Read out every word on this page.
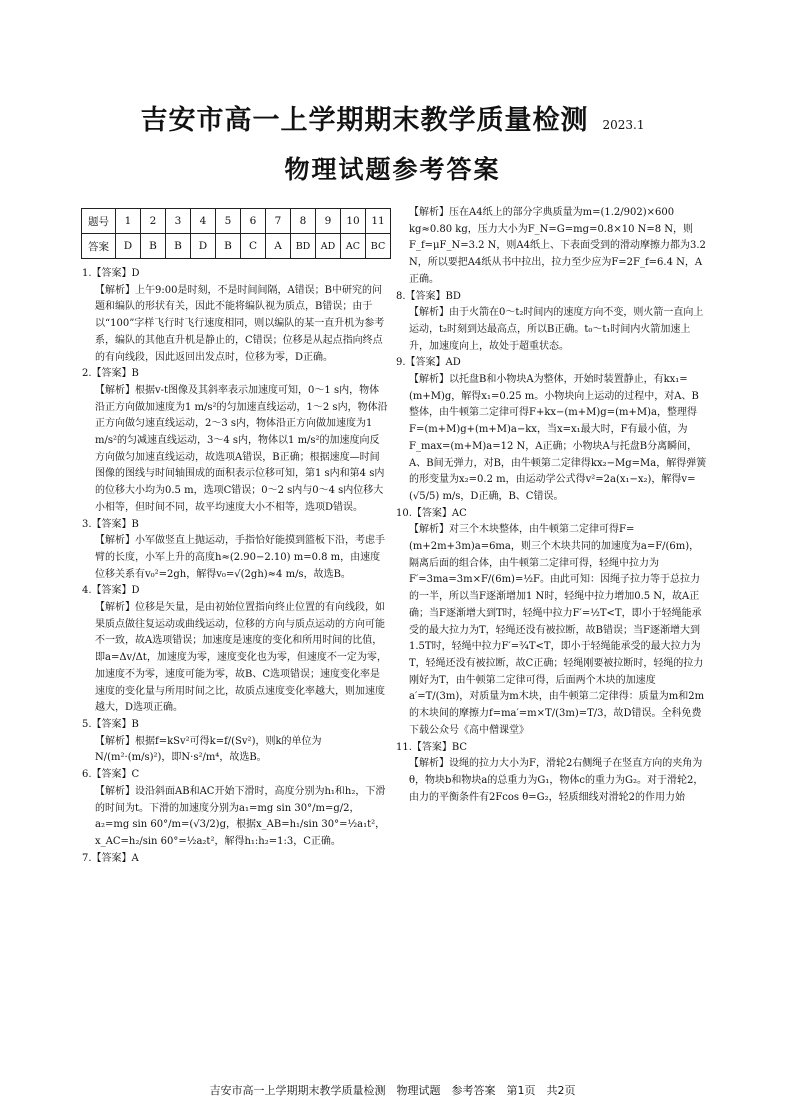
吉安市高一上学期期末教学质量检测 2023.1
物理试题参考答案
题号	1	2	3	4	5	6	7	8	9	10	11
答案	D	B	B	D	B	C	A	BD	AD	AC	BC

1.【答案】D

【解析】上午9:00是时刻，不是时间间隔，A错误；B中研究的问题和编队的形状有关，因此不能将编队视为质点，B错误；由于以“100”字样飞行时飞行速度相同，则以编队的某一直升机为参考系，编队的其他直升机是静止的，C错误；位移是从起点指向终点的有向线段，因此返回出发点时，位移为零，D正确。

2.【答案】B

【解析】根据v-t图像及其斜率表示加速度可知，0～1 s内，物体沿正方向做加速度为1 m/s²的匀加速直线运动，1～2 s内，物体沿正方向做匀速直线运动，2～3 s内，物体沿正方向做加速度为1 m/s²的匀减速直线运动，3～4 s内，物体以1 m/s²的加速度向反方向做匀加速直线运动，故选项A错误，B正确；根据速度—时间图像的图线与时间轴围成的面积表示位移可知，第1 s内和第4 s内的位移大小均为0.5 m，选项C错误；0～2 s内与0～4 s内位移大小相等，但时间不同，故平均速度大小不相等，选项D错误。

3.【答案】B

【解析】小军做竖直上抛运动，手指恰好能摸到篮板下沿，考虑手臂的长度，小军上升的高度h≈(2.90−2.10) m=0.8 m，由速度位移关系有v₀²=2gh，解得v₀=√(2gh)≈4 m/s，故选B。

4.【答案】D

【解析】位移是矢量，是由初始位置指向终止位置的有向线段，如果质点做往复运动或曲线运动，位移的方向与质点运动的方向可能不一致，故A选项错误；加速度是速度的变化和所用时间的比值，即a=Δv/Δt，加速度为零，速度变化也为零，但速度不一定为零，加速度不为零，速度可能为零，故B、C选项错误；速度变化率是速度的变化量与所用时间之比，故质点速度变化率越大，则加速度越大，D选项正确。

5.【答案】B

【解析】根据f=kSv²可得k=f/(Sv²)，则k的单位为N/(m²·(m/s)²)，即N·s²/m⁴，故选B。

6.【答案】C

【解析】设沿斜面AB和AC开始下滑时，高度分别为h₁和h₂，下滑的时间为t。下滑的加速度分别为a₁=mg sin 30°/m=g/2，a₂=mg sin 60°/m=(√3/2)g，根据x_AB=h₁/sin 30°=½a₁t²，x_AC=h₂/sin 60°=½a₂t²，解得h₁:h₂=1:3，C正确。

7.【答案】A

【解析】压在A4纸上的部分字典质量为m=(1.2/902)×600 kg≈0.80 kg，压力大小为F_N=G=mg=0.8×10 N=8 N，则F_f=μF_N=3.2 N，则A4纸上、下表面受到的滑动摩擦力都为3.2 N，所以要把A4纸从书中拉出，拉力至少应为F=2F_f=6.4 N，A正确。

8.【答案】BD

【解析】由于火箭在0～t₂时间内的速度方向不变，则火箭一直向上运动，t₂时刻到达最高点，所以B正确。t₀～t₁时间内火箭加速上升，加速度向上，故处于超重状态。

9.【答案】AD

【解析】以托盘B和小物块A为整体，开始时装置静止，有kx₁=(m+M)g，解得x₁=0.25 m。小物块向上运动的过程中，对A、B整体，由牛顿第二定律可得F+kx−(m+M)g=(m+M)a，整理得F=(m+M)g+(m+M)a−kx，当x=x₁最大时，F有最小值，为F_max=(m+M)a=12 N，A正确；小物块A与托盘B分离瞬间，A、B间无弹力，对B，由牛顿第二定律得kx₂−Mg=Ma，解得弹簧的形变量为x₂=0.2 m，由运动学公式得v²=2a(x₁−x₂)，解得v=(√5/5) m/s，D正确，B、C错误。

10.【答案】AC

【解析】对三个木块整体，由牛顿第二定律可得F=(m+2m+3m)a=6ma，则三个木块共同的加速度为a=F/(6m)，隔离后面的组合体，由牛顿第二定律可得，轻绳中拉力为F′=3ma=3m×F/(6m)=½F。由此可知：因绳子拉力等于总拉力的一半，所以当F逐渐增加1 N时，轻绳中拉力增加0.5 N，故A正确；当F逐渐增大到T时，轻绳中拉力F′=½T<T，即小于轻绳能承受的最大拉力为T，轻绳还没有被拉断，故B错误；当F逐渐增大到1.5T时，轻绳中拉力F′=¾T<T，即小于轻绳能承受的最大拉力为T，轻绳还没有被拉断，故C正确；轻绳刚要被拉断时，轻绳的拉力刚好为T，由牛顿第二定律可得，后面两个木块的加速度a′=T/(3m)，对质量为m木块，由牛顿第二定律得：质量为m和2m的木块间的摩擦力f=ma′=m×T/(3m)=T/3，故D错误。全科免费下载公众号《高中僧课堂》

11.【答案】BC

【解析】设绳的拉力大小为F，滑轮2右侧绳子在竖直方向的夹角为θ，物块b和物块a的总重力为G₁，物体c的重力为G₂。对于滑轮2，由力的平衡条件有2Fcos θ=G₂，轻质细线对滑轮2的作用力始

吉安市高一上学期期末教学质量检测　物理试题　参考答案　第1页　共2页
